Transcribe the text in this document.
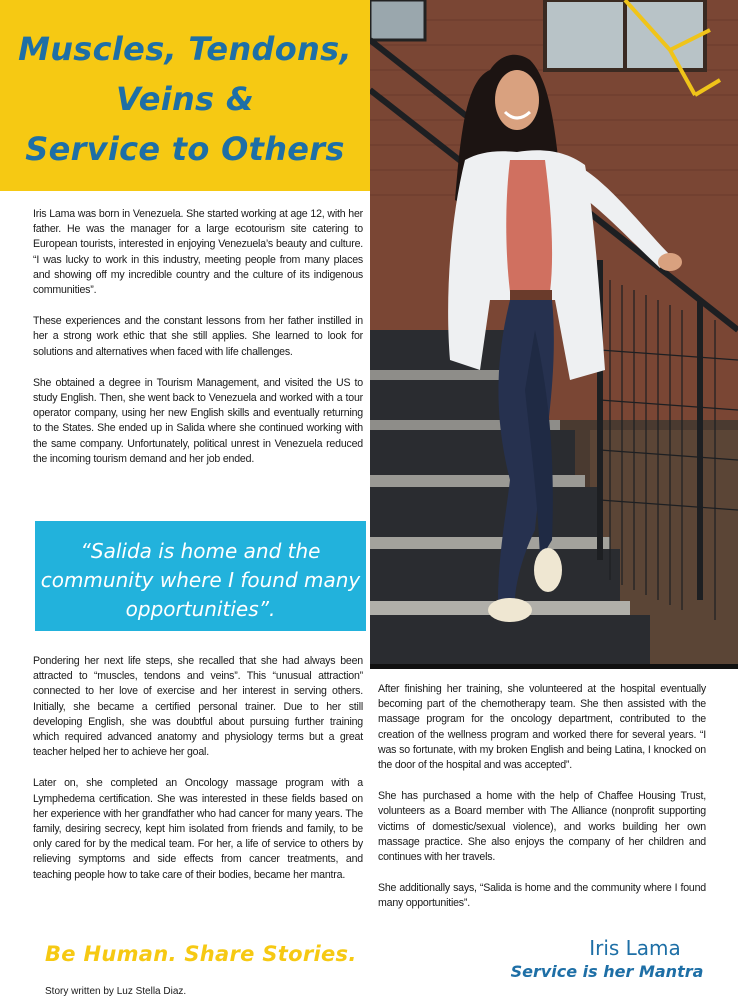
Muscles, Tendons,
Veins &
Service to Others

Iris Lama was born in Venezuela. She started working at age 12, with her father. He was the manager for a large ecotourism site catering to European tourists, interested in enjoying Venezuela’s beauty and culture. “I was lucky to work in this industry, meeting people from many places and showing off my incredible country and the culture of its indigenous communities”.

These experiences and the constant lessons from her father instilled in her a strong work ethic that she still applies. She learned to look for solutions and alternatives when faced with life challenges.

She obtained a degree in Tourism Management, and visited the US to study English. Then, she went back to Venezuela and worked with a tour operator company, using her new English skills and eventually returning to the States. She ended up in Salida where she continued working with the same company. Unfortunately, political unrest in Venezuela reduced the incoming tourism demand and her job ended.

“Salida is home and the community where I found many opportunities”.

Pondering her next life steps, she recalled that she had always been attracted to “muscles, tendons and veins”. This “unusual attraction” connected to her love of exercise and her interest in serving others. Initially, she became a certified personal trainer. Due to her still developing English, she was doubtful about pursuing further training which required advanced anatomy and physiology terms but a great teacher helped her to achieve her goal.

Later on, she completed an Oncology massage program with a Lymphedema certification. She was interested in these fields based on her experience with her grandfather who had cancer for many years. The family, desiring secrecy, kept him isolated from friends and family, to be only cared for by the medical team. For her, a life of service to others by relieving symptoms and side effects from cancer treatments, and teaching people how to take care of their bodies, became her mantra.

After finishing her training, she volunteered at the hospital eventually becoming part of the chemotherapy team. She then assisted with the massage program for the oncology department, contributed to the creation of the wellness program and worked there for several years. “I was so fortunate, with my broken English and being Latina, I knocked on the door of the hospital and was accepted”.

She has purchased a home with the help of Chaffee Housing Trust, volunteers as a Board member with The Alliance (nonprofit supporting victims of domestic/sexual violence), and works building her own massage practice. She also enjoys the company of her children and continues with her travels.

She additionally says, “Salida is home and the community where I found many opportunities”.

Be Human. Share Stories.
Story written by Luz Stella Diaz.
Iris Lama
Service is her Mantra
